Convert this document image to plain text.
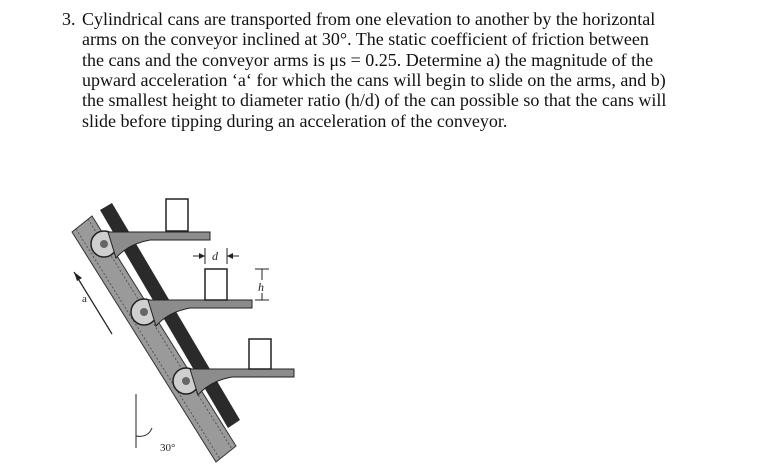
3. Cylindrical cans are transported from one elevation to another by the horizontal
arms on the conveyor inclined at 30°. The static coefficient of friction between
the cans and the conveyor arms is μs = 0.25. Determine a) the magnitude of the
upward acceleration ‘a‘ for which the cans will begin to slide on the arms, and b)
the smallest height to diameter ratio (h/d) of the can possible so that the cans will
slide before tipping during an acceleration of the conveyor.
a
d
h
30°
